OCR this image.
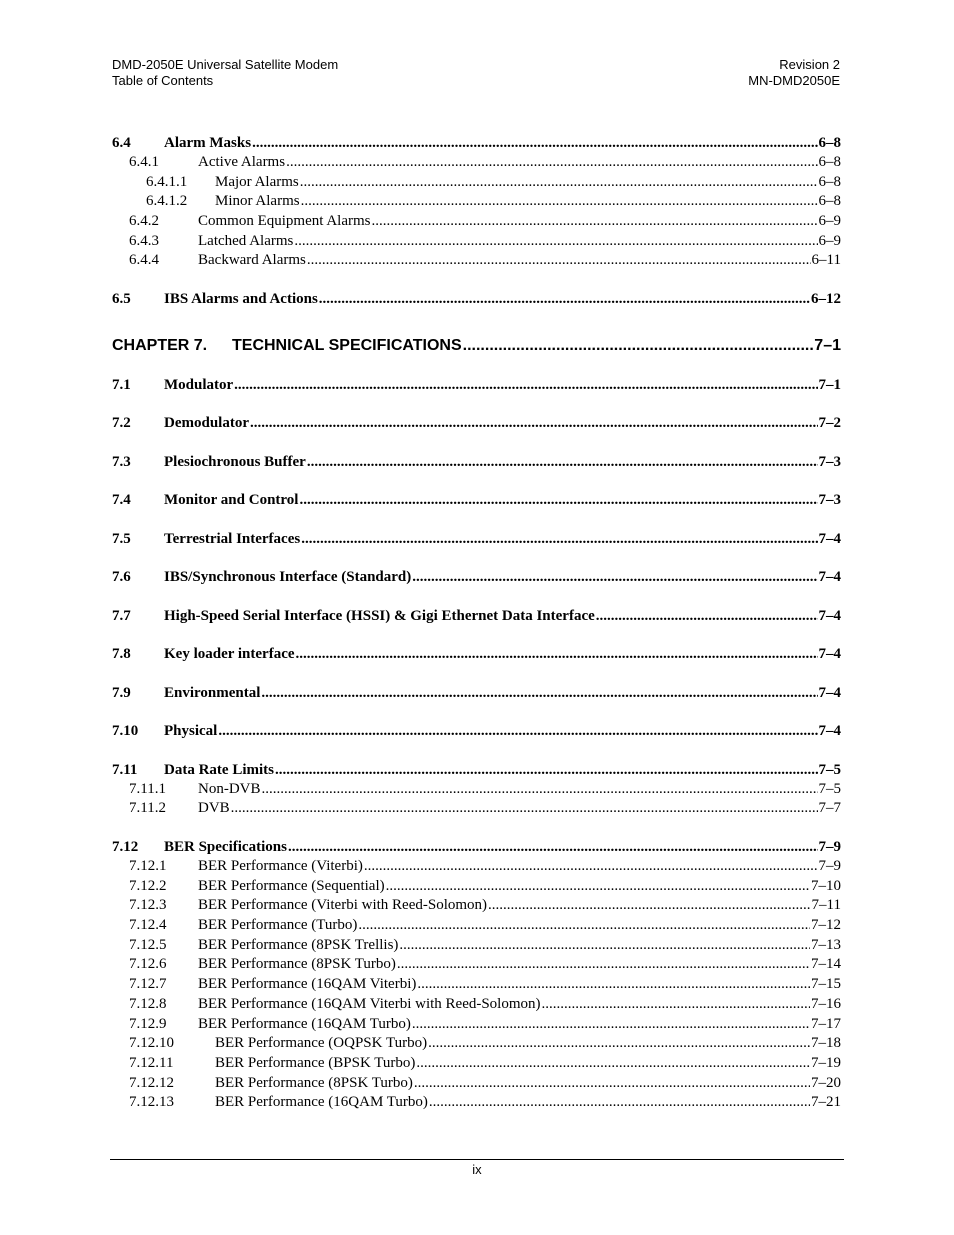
DMD-2050E Universal Satellite Modem
Table of Contents
Revision 2
MN-DMD2050E
6.4	Alarm Masks .....	6–8
6.4.1	Active Alarms .....	6–8
6.4.1.1	Major Alarms .....	6–8
6.4.1.2	Minor Alarms .....	6–8
6.4.2	Common Equipment Alarms .....	6–9
6.4.3	Latched Alarms .....	6–9
6.4.4	Backward Alarms .....	6–11
6.5	IBS Alarms and Actions .....	6–12
CHAPTER 7.	TECHNICAL SPECIFICATIONS .....	7–1
7.1	Modulator .....	7–1
7.2	Demodulator .....	7–2
7.3	Plesiochronous Buffer .....	7–3
7.4	Monitor and Control .....	7–3
7.5	Terrestrial Interfaces .....	7–4
7.6	IBS/Synchronous Interface (Standard) .....	7–4
7.7	High-Speed Serial Interface (HSSI) & Gigi Ethernet Data Interface .....	7–4
7.8	Key loader interface .....	7–4
7.9	Environmental .....	7–4
7.10	Physical .....	7–4
7.11	Data Rate Limits .....	7–5
7.11.1	Non-DVB .....	7–5
7.11.2	DVB .....	7–7
7.12	BER Specifications .....	7–9
7.12.1	BER Performance (Viterbi) .....	7–9
7.12.2	BER Performance (Sequential) .....	7–10
7.12.3	BER Performance (Viterbi with Reed-Solomon) .....	7–11
7.12.4	BER Performance (Turbo) .....	7–12
7.12.5	BER Performance (8PSK Trellis) .....	7–13
7.12.6	BER Performance (8PSK Turbo) .....	7–14
7.12.7	BER Performance (16QAM Viterbi) .....	7–15
7.12.8	BER Performance (16QAM Viterbi with Reed-Solomon) .....	7–16
7.12.9	BER Performance (16QAM Turbo) .....	7–17
7.12.10	BER Performance (OQPSK Turbo) .....	7–18
7.12.11	BER Performance (BPSK Turbo) .....	7–19
7.12.12	BER Performance (8PSK Turbo) .....	7–20
7.12.13	BER Performance (16QAM Turbo) .....	7–21
ix
